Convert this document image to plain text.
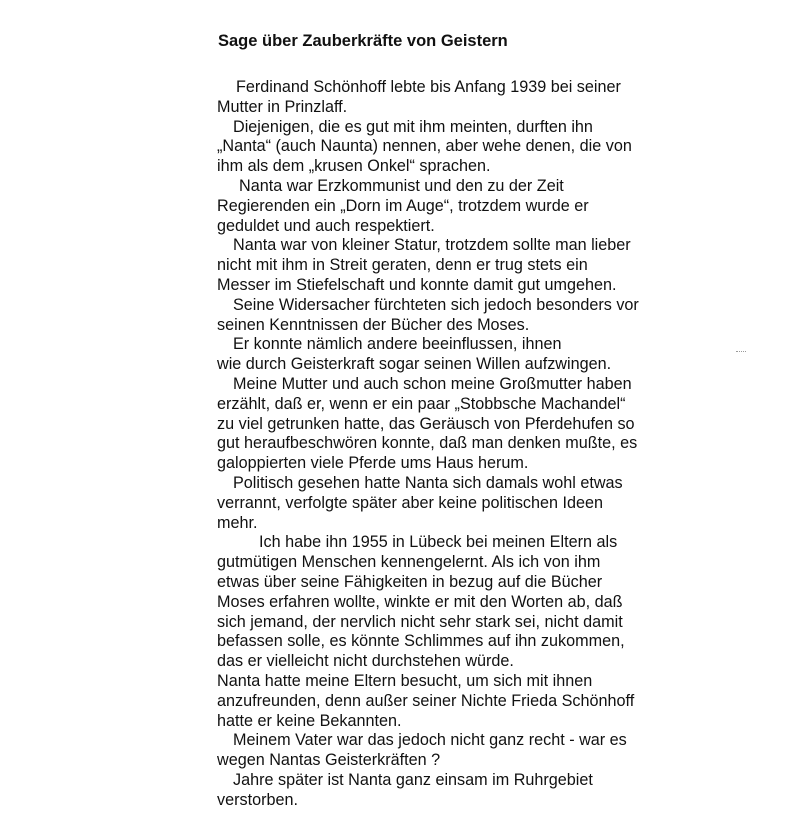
Sage über Zauberkräfte von Geistern
Ferdinand Schönhoff lebte bis Anfang 1939 bei seiner
Mutter in Prinzlaff.
Diejenigen, die es gut mit ihm meinten, durften ihn
„Nanta“ (auch Naunta) nennen, aber wehe denen, die von
ihm als dem „krusen Onkel“ sprachen.
Nanta war Erzkommunist und den zu der Zeit
Regierenden ein „Dorn im Auge“, trotzdem wurde er
geduldet und auch respektiert.
Nanta war von kleiner Statur, trotzdem sollte man lieber
nicht mit ihm in Streit geraten, denn er trug stets ein
Messer im Stiefelschaft und konnte damit gut umgehen.
Seine Widersacher fürchteten sich jedoch besonders vor
seinen Kenntnissen der Bücher des Moses.
Er konnte nämlich andere beeinflussen, ihnen
wie durch Geisterkraft sogar seinen Willen aufzwingen.
Meine Mutter und auch schon meine Großmutter haben
erzählt, daß er, wenn er ein paar „Stobbsche Machandel“
zu viel getrunken hatte, das Geräusch von Pferdehufen so
gut heraufbeschwören konnte, daß man denken mußte, es
galoppierten viele Pferde ums Haus herum.
Politisch gesehen hatte Nanta sich damals wohl etwas
verrannt, verfolgte später aber keine politischen Ideen
mehr.
Ich habe ihn 1955 in Lübeck bei meinen Eltern als
gutmütigen Menschen kennengelernt. Als ich von ihm
etwas über seine Fähigkeiten in bezug auf die Bücher
Moses erfahren wollte, winkte er mit den Worten ab, daß
sich jemand, der nervlich nicht sehr stark sei, nicht damit
befassen solle, es könnte Schlimmes auf ihn zukommen,
das er vielleicht nicht durchstehen würde.
Nanta hatte meine Eltern besucht, um sich mit ihnen
anzufreunden, denn außer seiner Nichte Frieda Schönhoff
hatte er keine Bekannten.
Meinem Vater war das jedoch nicht ganz recht - war es
wegen Nantas Geisterkräften ?
Jahre später ist Nanta ganz einsam im Ruhrgebiet
verstorben.
